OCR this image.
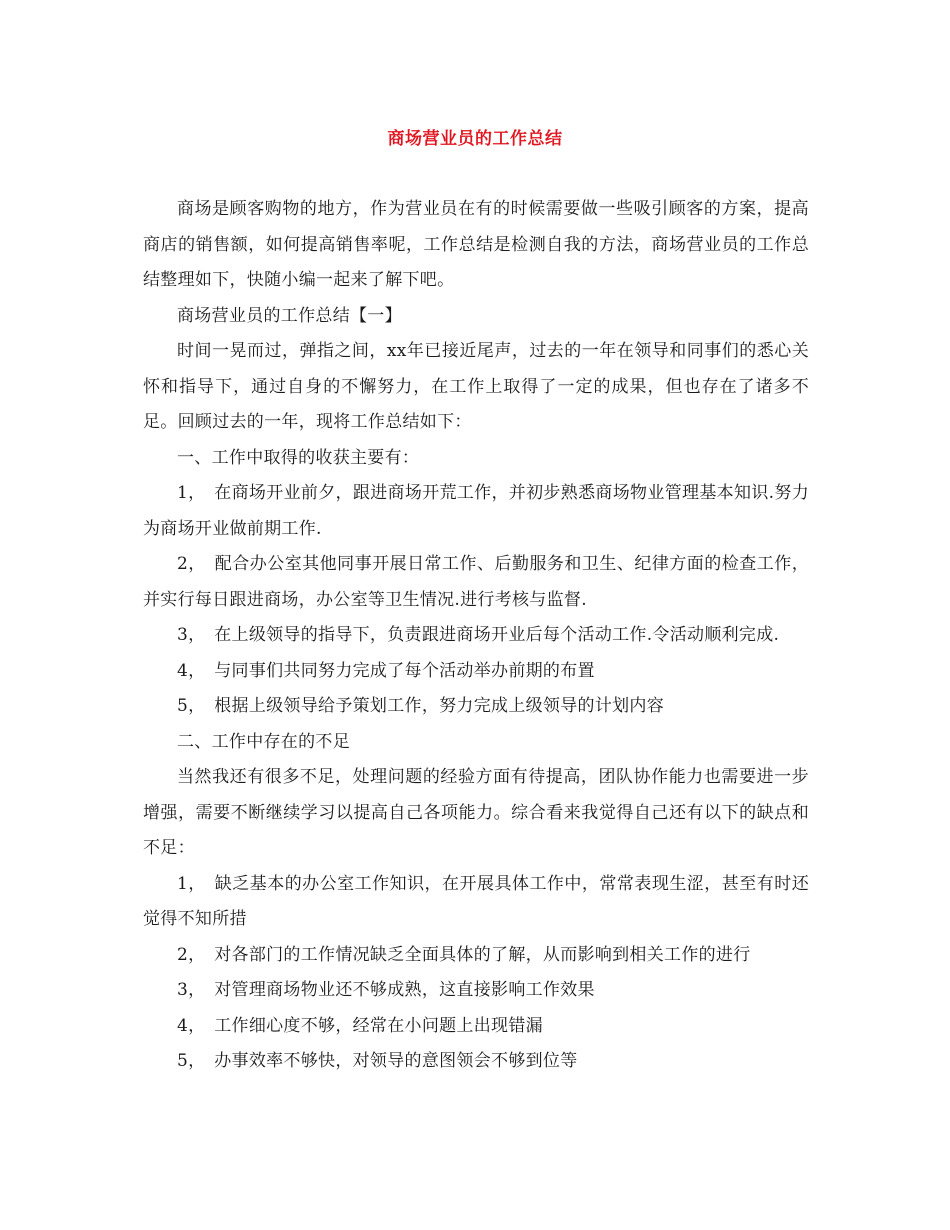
商场营业员的工作总结

商场是顾客购物的地方，作为营业员在有的时候需要做一些吸引顾客的方案，提高商店的销售额，如何提高销售率呢，工作总结是检测自我的方法，商场营业员的工作总结整理如下，快随小编一起来了解下吧。

商场营业员的工作总结【一】

时间一晃而过，弹指之间，xx年已接近尾声，过去的一年在领导和同事们的悉心关怀和指导下，通过自身的不懈努力，在工作上取得了一定的成果，但也存在了诸多不足。回顾过去的一年，现将工作总结如下：

一、工作中取得的收获主要有：

1，　在商场开业前夕，跟进商场开荒工作，并初步熟悉商场物业管理基本知识.努力为商场开业做前期工作.

2，　配合办公室其他同事开展日常工作、后勤服务和卫生、纪律方面的检查工作，并实行每日跟进商场，办公室等卫生情况.进行考核与监督.

3，　在上级领导的指导下，负责跟进商场开业后每个活动工作.令活动顺利完成.

4，　与同事们共同努力完成了每个活动举办前期的布置

5，　根据上级领导给予策划工作，努力完成上级领导的计划内容

二、工作中存在的不足

当然我还有很多不足，处理问题的经验方面有待提高，团队协作能力也需要进一步增强，需要不断继续学习以提高自己各项能力。综合看来我觉得自己还有以下的缺点和不足：

1，　缺乏基本的办公室工作知识，在开展具体工作中，常常表现生涩，甚至有时还觉得不知所措

2，　对各部门的工作情况缺乏全面具体的了解，从而影响到相关工作的进行

3，　对管理商场物业还不够成熟，这直接影响工作效果

4，　工作细心度不够，经常在小问题上出现错漏

5，　办事效率不够快，对领导的意图领会不够到位等
